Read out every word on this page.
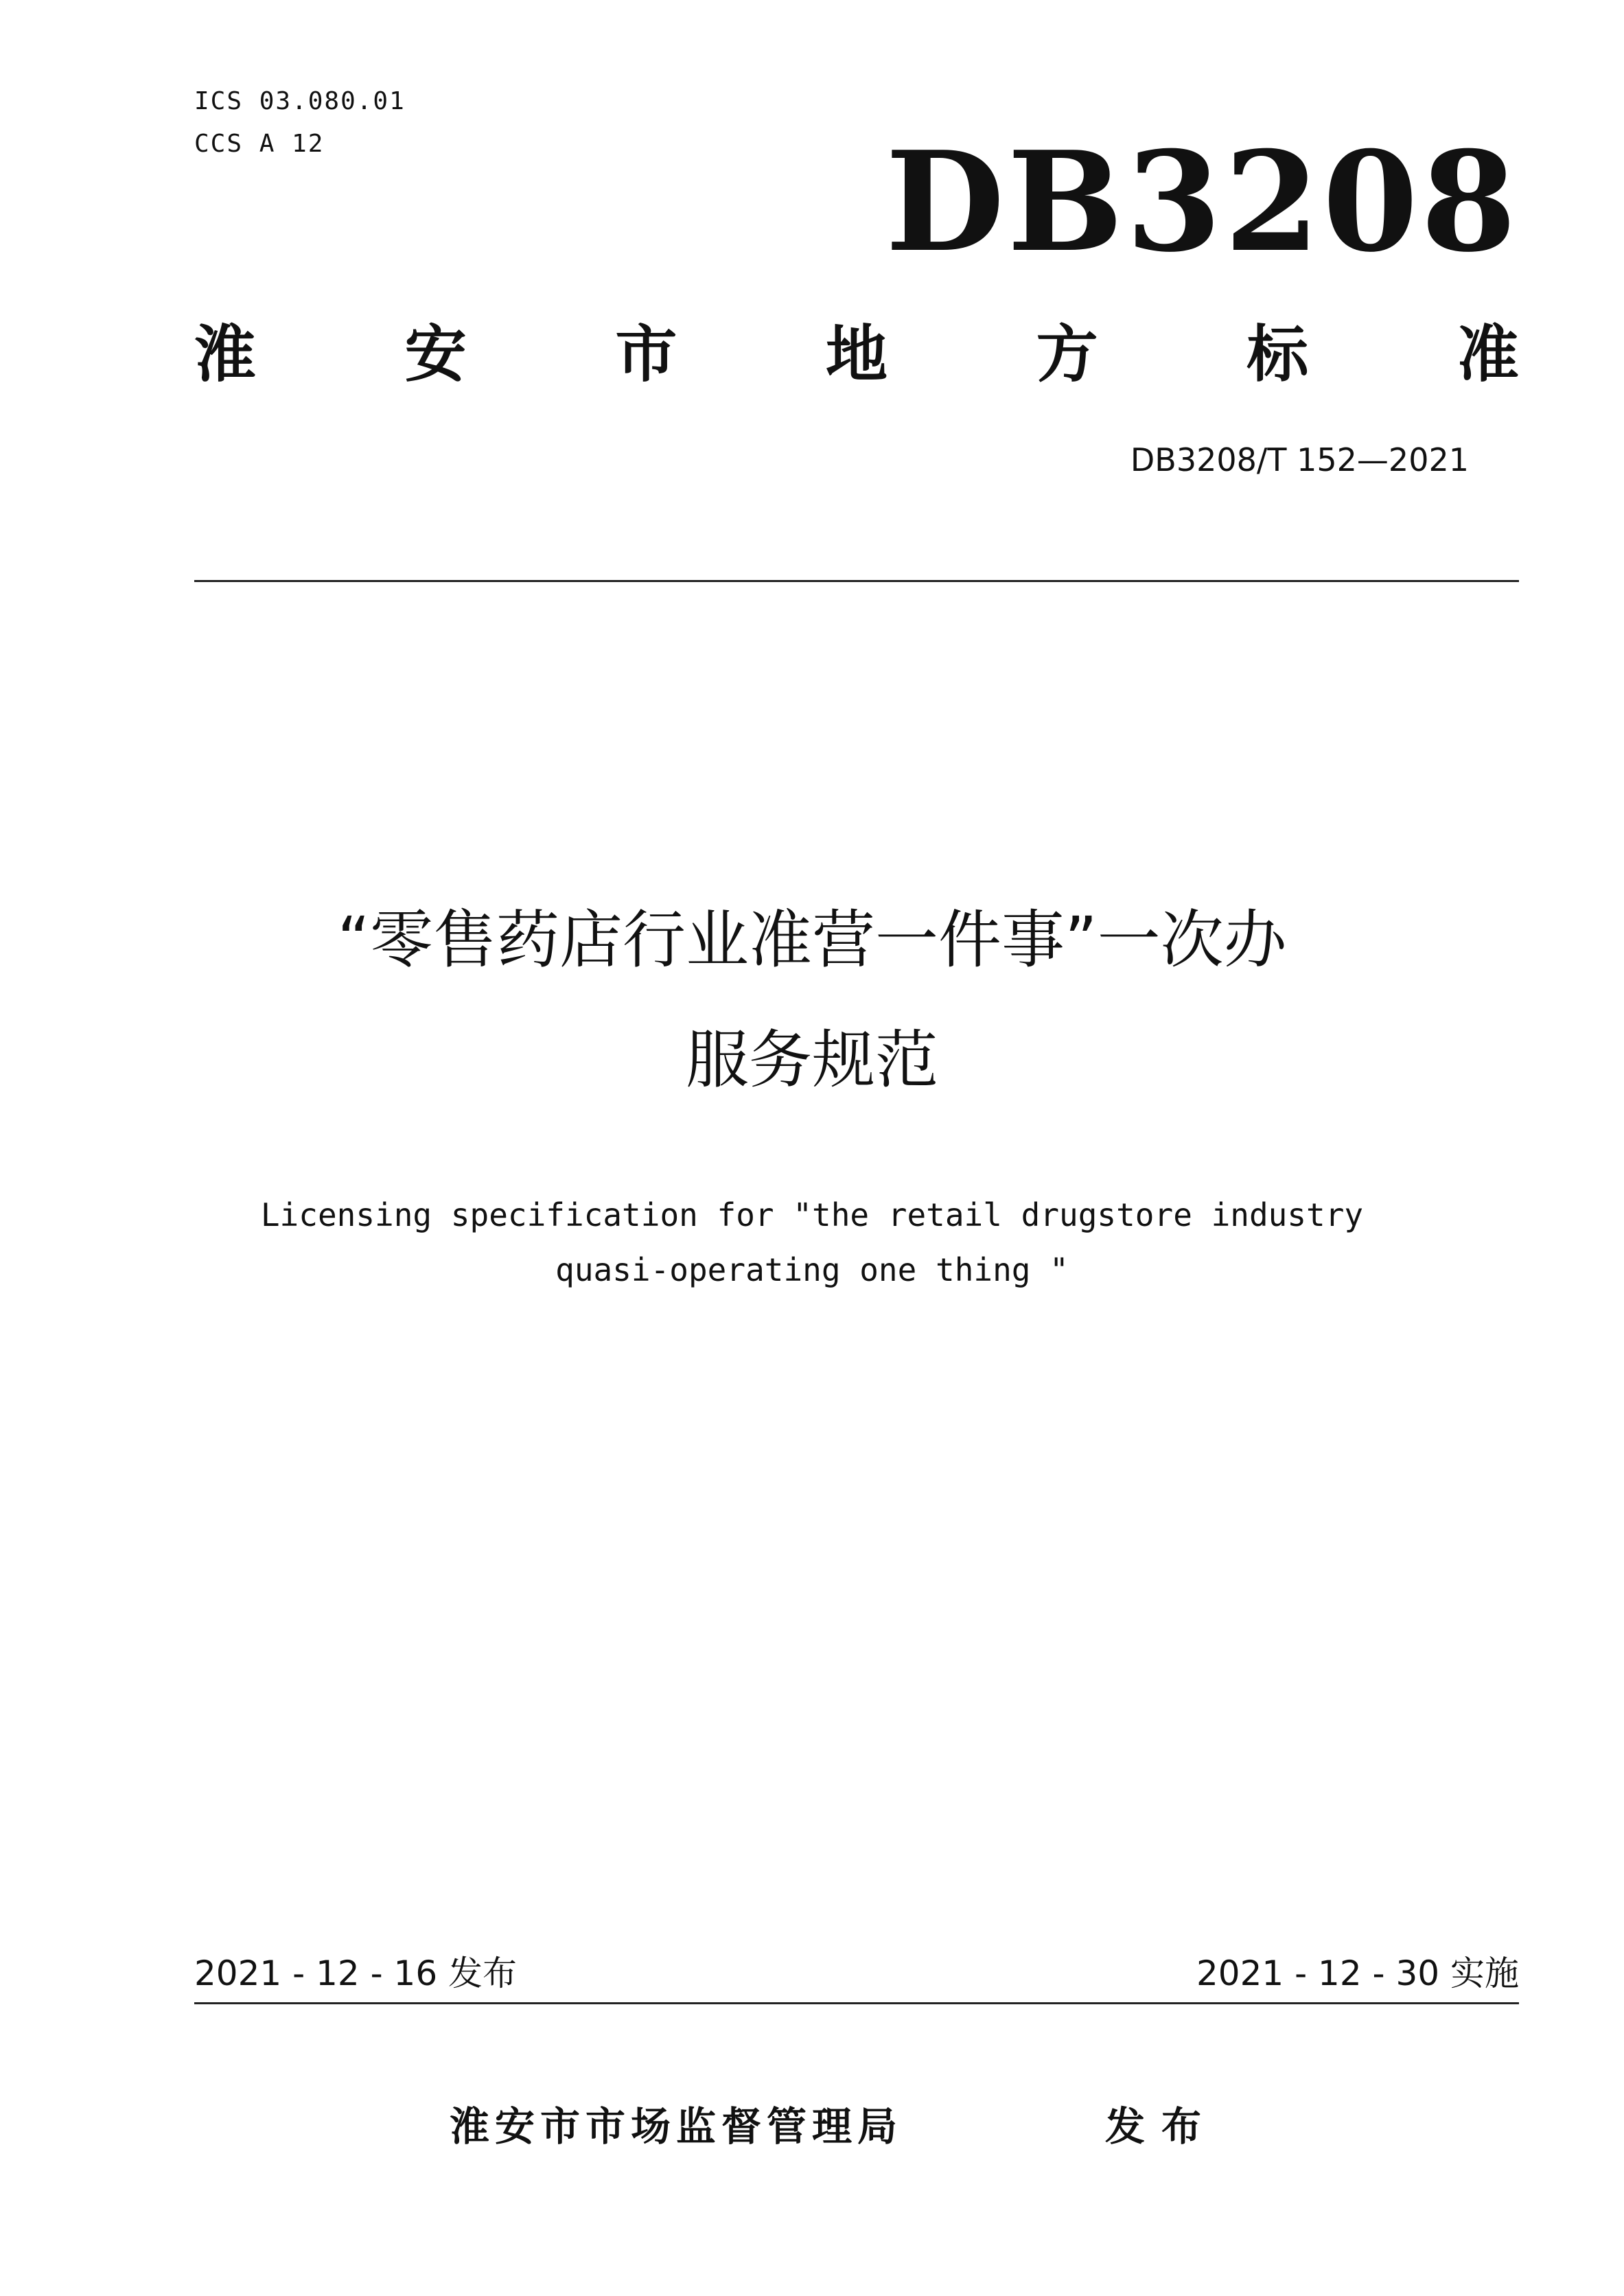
ICS 03.080.01
CCS A 12	DB3208
淮 安 市 地 方 标 准
DB3208/T 152—2021
“零售药店行业准营一件事”一次办
服务规范
Licensing specification for "the retail drugstore industry
quasi-operating one thing "
2021 - 12 - 16 发布	2021 - 12 - 30 实施
淮安市市场监督管理局	发布
